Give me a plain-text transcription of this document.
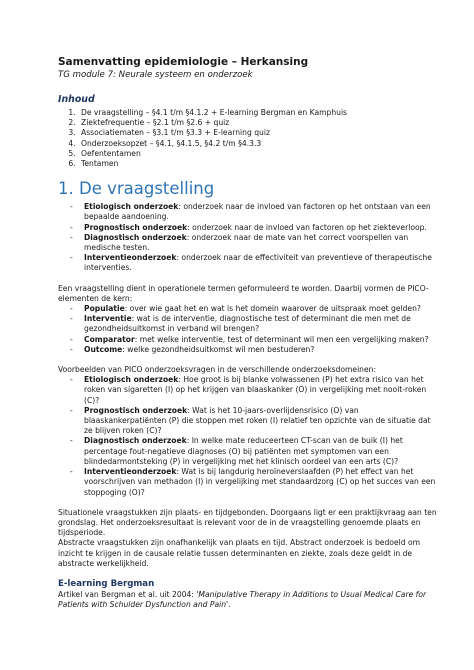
Samenvatting epidemiologie – Herkansing
TG module 7: Neurale systeem en onderzoek
Inhoud
1. De vraagstelling – §4.1 t/m §4.1.2 + E-learning Bergman en Kamphuis
2. Ziektefrequentie – §2.1 t/m §2.6 + quiz
3. Associatiematen – §3.1 t/m §3.3 + E-learning quiz
4. Onderzoeksopzet – §4.1, §4.1.5, §4.2 t/m §4.3.3
5. Oefententamen
6. Tentamen
1. De vraagstelling
- Etiologisch onderzoek: onderzoek naar de invloed van factoren op het ontstaan van een bepaalde aandoening.
- Prognostisch onderzoek: onderzoek naar de invloed van factoren op het ziekteverloop.
- Diagnostisch onderzoek: onderzoek naar de mate van het correct voorspellen van medische testen.
- Interventieonderzoek: onderzoek naar de effectiviteit van preventieve of therapeutische interventies.

Een vraagstelling dient in operationele termen geformuleerd te worden. Daarbij vormen de PICO-elementen de kern:

- Populatie: over wie gaat het en wat is het domein waarover de uitspraak moet gelden?
- Interventie: wat is de interventie, diagnostische test of determinant die men met de gezondheidsuitkomst in verband wil brengen?
- Comparator: met welke interventie, test of determinant wil men een vergelijking maken?
- Outcome: welke gezondheidsuitkomst wil men bestuderen?

Voorbeelden van PICO onderzoeksvragen in de verschillende onderzoeksdomeinen:

- Etiologisch onderzoek: Hoe groot is bij blanke volwassenen (P) het extra risico van het roken van sigaretten (I) op het krijgen van blaaskanker (O) in vergelijking met nooit-roken (C)?
- Prognostisch onderzoek: Wat is het 10-jaars-overlijdensrisico (O) van blaaskankerpatiënten (P) die stoppen met roken (I) relatief ten opzichte van de situatie dat ze blijven roken (C)?
- Diagnostisch onderzoek: In welke mate reduceerteen CT-scan van de buik (I) het percentage fout-negatieve diagnoses (O) bij patiënten met symptomen van een blindedarmontsteking (P) in vergelijking met het klinisch oordeel van een arts (C)?
- Interventieonderzoek: Wat is bij langdurig heroïneverslaafden (P) het effect van het voorschrijven van methadon (I) in vergelijking met standaardzorg (C) op het succes van een stoppoging (O)?

Situationele vraagstukken zijn plaats- en tijdgebonden. Doorgaans ligt er een praktijkvraag aan ten grondslag. Het onderzoeksresultaat is relevant voor de in de vraagstelling genoemde plaats en tijdsperiode.

Abstracte vraagstukken zijn onafhankelijk van plaats en tijd. Abstract onderzoek is bedoeld om inzicht te krijgen in de causale relatie tussen determinanten en ziekte, zoals deze geldt in de abstracte werkelijkheid.

E-learning Bergman

Artikel van Bergman et al. uit 2004: 'Manipulative Therapy in Additions to Usual Medical Care for Patients with Schulder Dysfunction and Pain'.
